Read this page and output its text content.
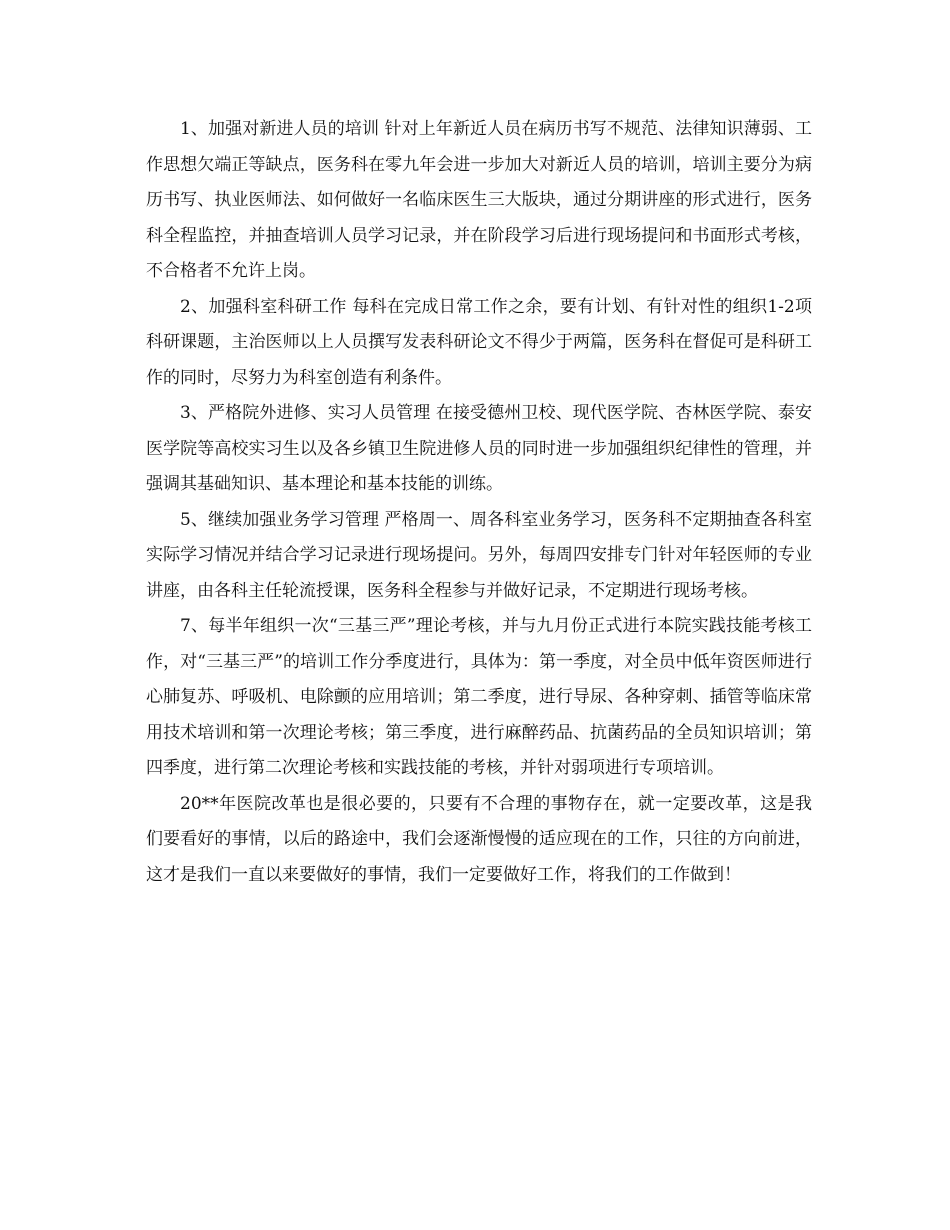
1、加强对新进人员的培训 针对上年新近人员在病历书写不规范、法律知识薄弱、工作思想欠端正等缺点，医务科在零九年会进一步加大对新近人员的培训，培训主要分为病历书写、执业医师法、如何做好一名临床医生三大版块，通过分期讲座的形式进行，医务科全程监控，并抽查培训人员学习记录，并在阶段学习后进行现场提问和书面形式考核，不合格者不允许上岗。

2、加强科室科研工作 每科在完成日常工作之余，要有计划、有针对性的组织1-2项科研课题，主治医师以上人员撰写发表科研论文不得少于两篇，医务科在督促可是科研工作的同时，尽努力为科室创造有利条件。

3、严格院外进修、实习人员管理 在接受德州卫校、现代医学院、杏林医学院、泰安医学院等高校实习生以及各乡镇卫生院进修人员的同时进一步加强组织纪律性的管理，并强调其基础知识、基本理论和基本技能的训练。

5、继续加强业务学习管理 严格周一、周各科室业务学习，医务科不定期抽查各科室实际学习情况并结合学习记录进行现场提问。另外，每周四安排专门针对年轻医师的专业讲座，由各科主任轮流授课，医务科全程参与并做好记录，不定期进行现场考核。

7、每半年组织一次“三基三严”理论考核，并与九月份正式进行本院实践技能考核工作，对“三基三严”的培训工作分季度进行，具体为：第一季度，对全员中低年资医师进行心肺复苏、呼吸机、电除颤的应用培训；第二季度，进行导尿、各种穿刺、插管等临床常用技术培训和第一次理论考核；第三季度，进行麻醉药品、抗菌药品的全员知识培训；第四季度，进行第二次理论考核和实践技能的考核，并针对弱项进行专项培训。

20**年医院改革也是很必要的，只要有不合理的事物存在，就一定要改革，这是我们要看好的事情，以后的路途中，我们会逐渐慢慢的适应现在的工作，只往的方向前进，这才是我们一直以来要做好的事情，我们一定要做好工作，将我们的工作做到！
